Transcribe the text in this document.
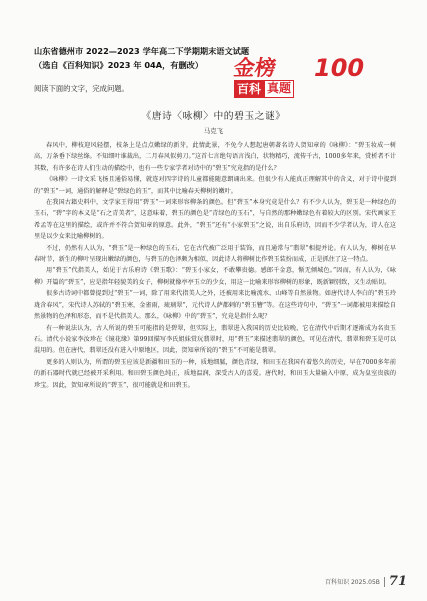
山东省德州市 2022—2023 学年高二下学期期末语文试题
（选自《百科知识》2023 年 04A，有删改）	金榜
百科 真题
100
阅读下面的文字，完成问题。
《唐诗〈咏柳〉中的碧玉之谜》
马克飞

春风中，柳枝迎风轻摆，枝条上是点点嫩绿的新芽，此情此景，不免令人想起唐朝著名诗人贺知章的《咏柳》：“碧玉妆成一树高，万条垂下绿丝绦。不知细叶谁裁出，二月春风似剪刀。”这首七言绝句语言浅白，状物精巧，流传千古，1000多年来，赏析者不计其数，有许多在诗人们生动的描绘中，也有一些专家学者对诗中的“碧玉”究竟指的是什么？

《咏柳》一诗文采飞扬且通俗易懂，就连对四字诗的儿童都能随意朗诵出来。但很少有人能真正理解其中的含义，对于诗中提到的“碧玉”一词，通俗的解释是“碧绿色的玉”，而其中比喻春天柳树的嫩叶。

在我国古籍史料中，文学家王得用“碧玉”一词来形容柳条的颜色。但“碧玉”本身究竟是什么？有不少人认为，碧玉是一种绿色的玉石，“碧”字的本义是“石之青美者”，这意味着，碧玉的颜色是“青绿色的玉石”，与自然的那种嫩绿色有着较大的区别。宋代画家王希孟等在这里的描绘，或许并不符合贺知章的原意。此外，“碧玉”还有“小家碧玉”之说，出自乐府诗，因而不少学者认为，诗人在这里是以少女来比喻柳树的。

不过，仍然有人认为，“碧玉”是一种绿色的玉石，它在古代被广泛用于装饰，而且通常与“翡翠”相提并论。有人认为，柳树在早春时节，新生的柳叶呈现出嫩绿的颜色，与碧玉的色泽颇为相似，因此诗人将柳树比作碧玉装扮而成，正是抓住了这一特点。

用“碧玉”代指美人，始见于古乐府诗《碧玉歌》：“碧玉小家女，不敢攀贵德。感郎千金意，惭无倾城色。”因而，有人认为，《咏柳》开篇的“碧玉”，应是指年轻貌美的女子，柳树就像亭亭玉立的少女，用这一比喻来形容柳树的形象，既新颖别致，又生动贴切。

很多古诗词中都曾提到过“碧玉”一词，除了用来代指美人之外，还被用来比喻流水、山峰等自然景物。如唐代诗人李白的“碧玉玲珑含春风”，宋代诗人苏轼的“碧玉寒，金雀雨，琉璃翠”，元代诗人萨都剌的“碧玉簪”等。在这些诗句中，“碧玉”一词都被用来描绘自然景物的色泽和形态，而不是代指美人。那么，《咏柳》中的“碧玉”，究竟是指什么呢？

有一种说法认为，古人所说的碧玉可能指的是碧翠，但实际上，翡翠进入我国的历史比较晚，它在清代中后期才逐渐成为名贵玉石。清代小说家李汝珍在《镜花缘》第99回描写李氏姐妹赏玩翡翠时，用“碧玉”来描述翡翠的颜色，可见在清代，翡翠和碧玉是可以混用的。但在唐代，翡翠还没有进入中原地区，因此，贺知章所说的“碧玉”不可能是翡翠。

更多的人则认为，所谓的碧玉应该是新疆和田玉的一种，质地细腻，颜色青绿，和田玉在我国有着悠久的历史，早在7000多年前的新石器时代就已经被开采利用。和田碧玉颜色纯正，质地温润，深受古人的喜爱。唐代时，和田玉大量输入中原，成为皇室贵族的珍宝。因此，贺知章所说的“碧玉”，很可能就是和田碧玉。

百科知识 2025.05B 71
